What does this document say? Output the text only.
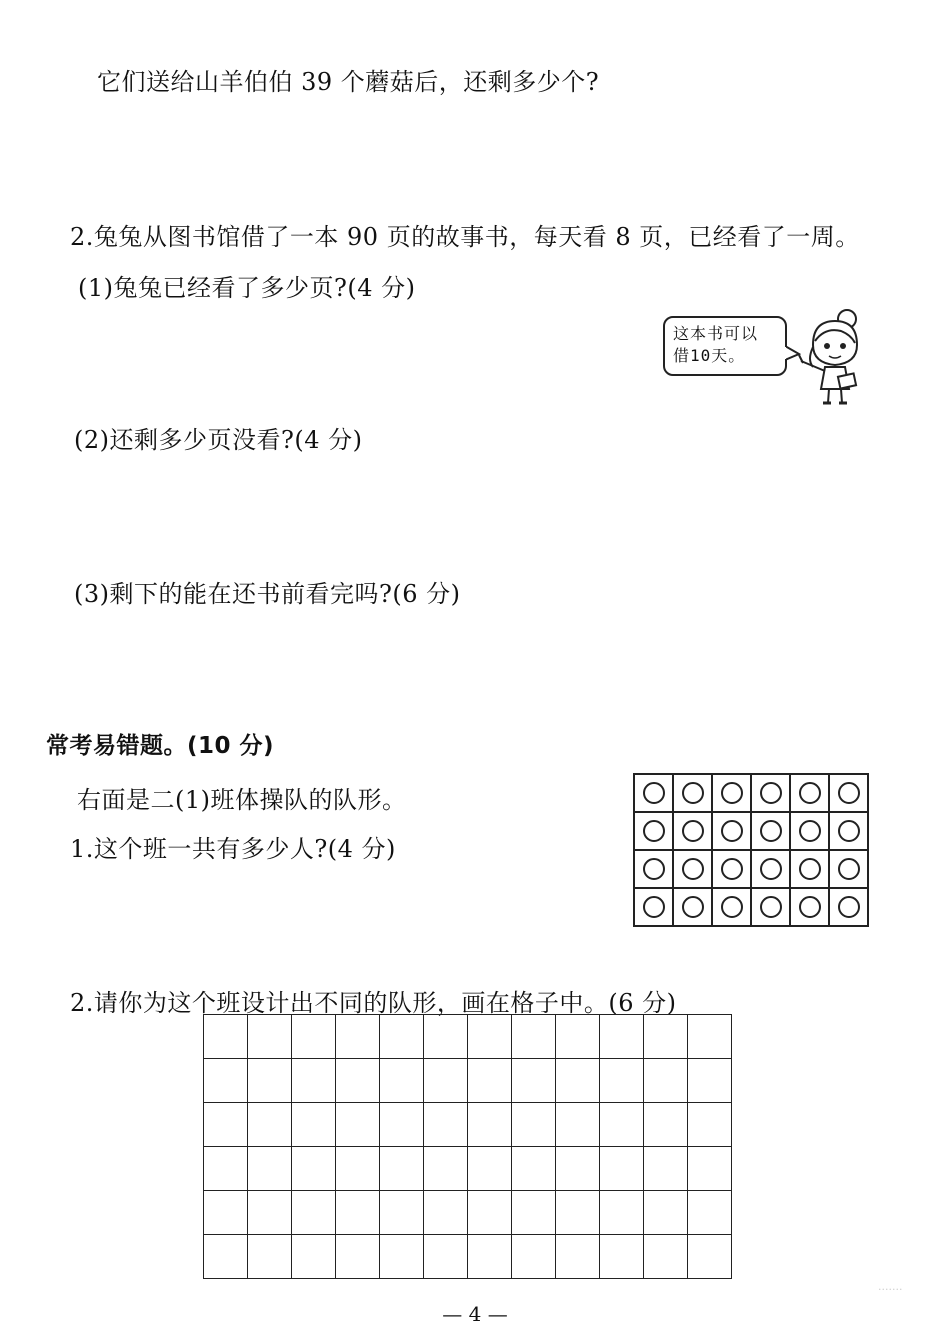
它们送给山羊伯伯 39 个蘑菇后，还剩多少个?
2.兔兔从图书馆借了一本 90 页的故事书，每天看 8 页，已经看了一周。
(1)兔兔已经看了多少页?(4 分)
这本书可以
借10天。
(2)还剩多少页没看?(4 分)
(3)剩下的能在还书前看完吗?(6 分)
常考易错题。(10 分)
右面是二(1)班体操队的队形。
1.这个班一共有多少人?(4 分)

2.请你为这个班设计出不同的队形，画在格子中。(6 分)

— 4 —
·······
